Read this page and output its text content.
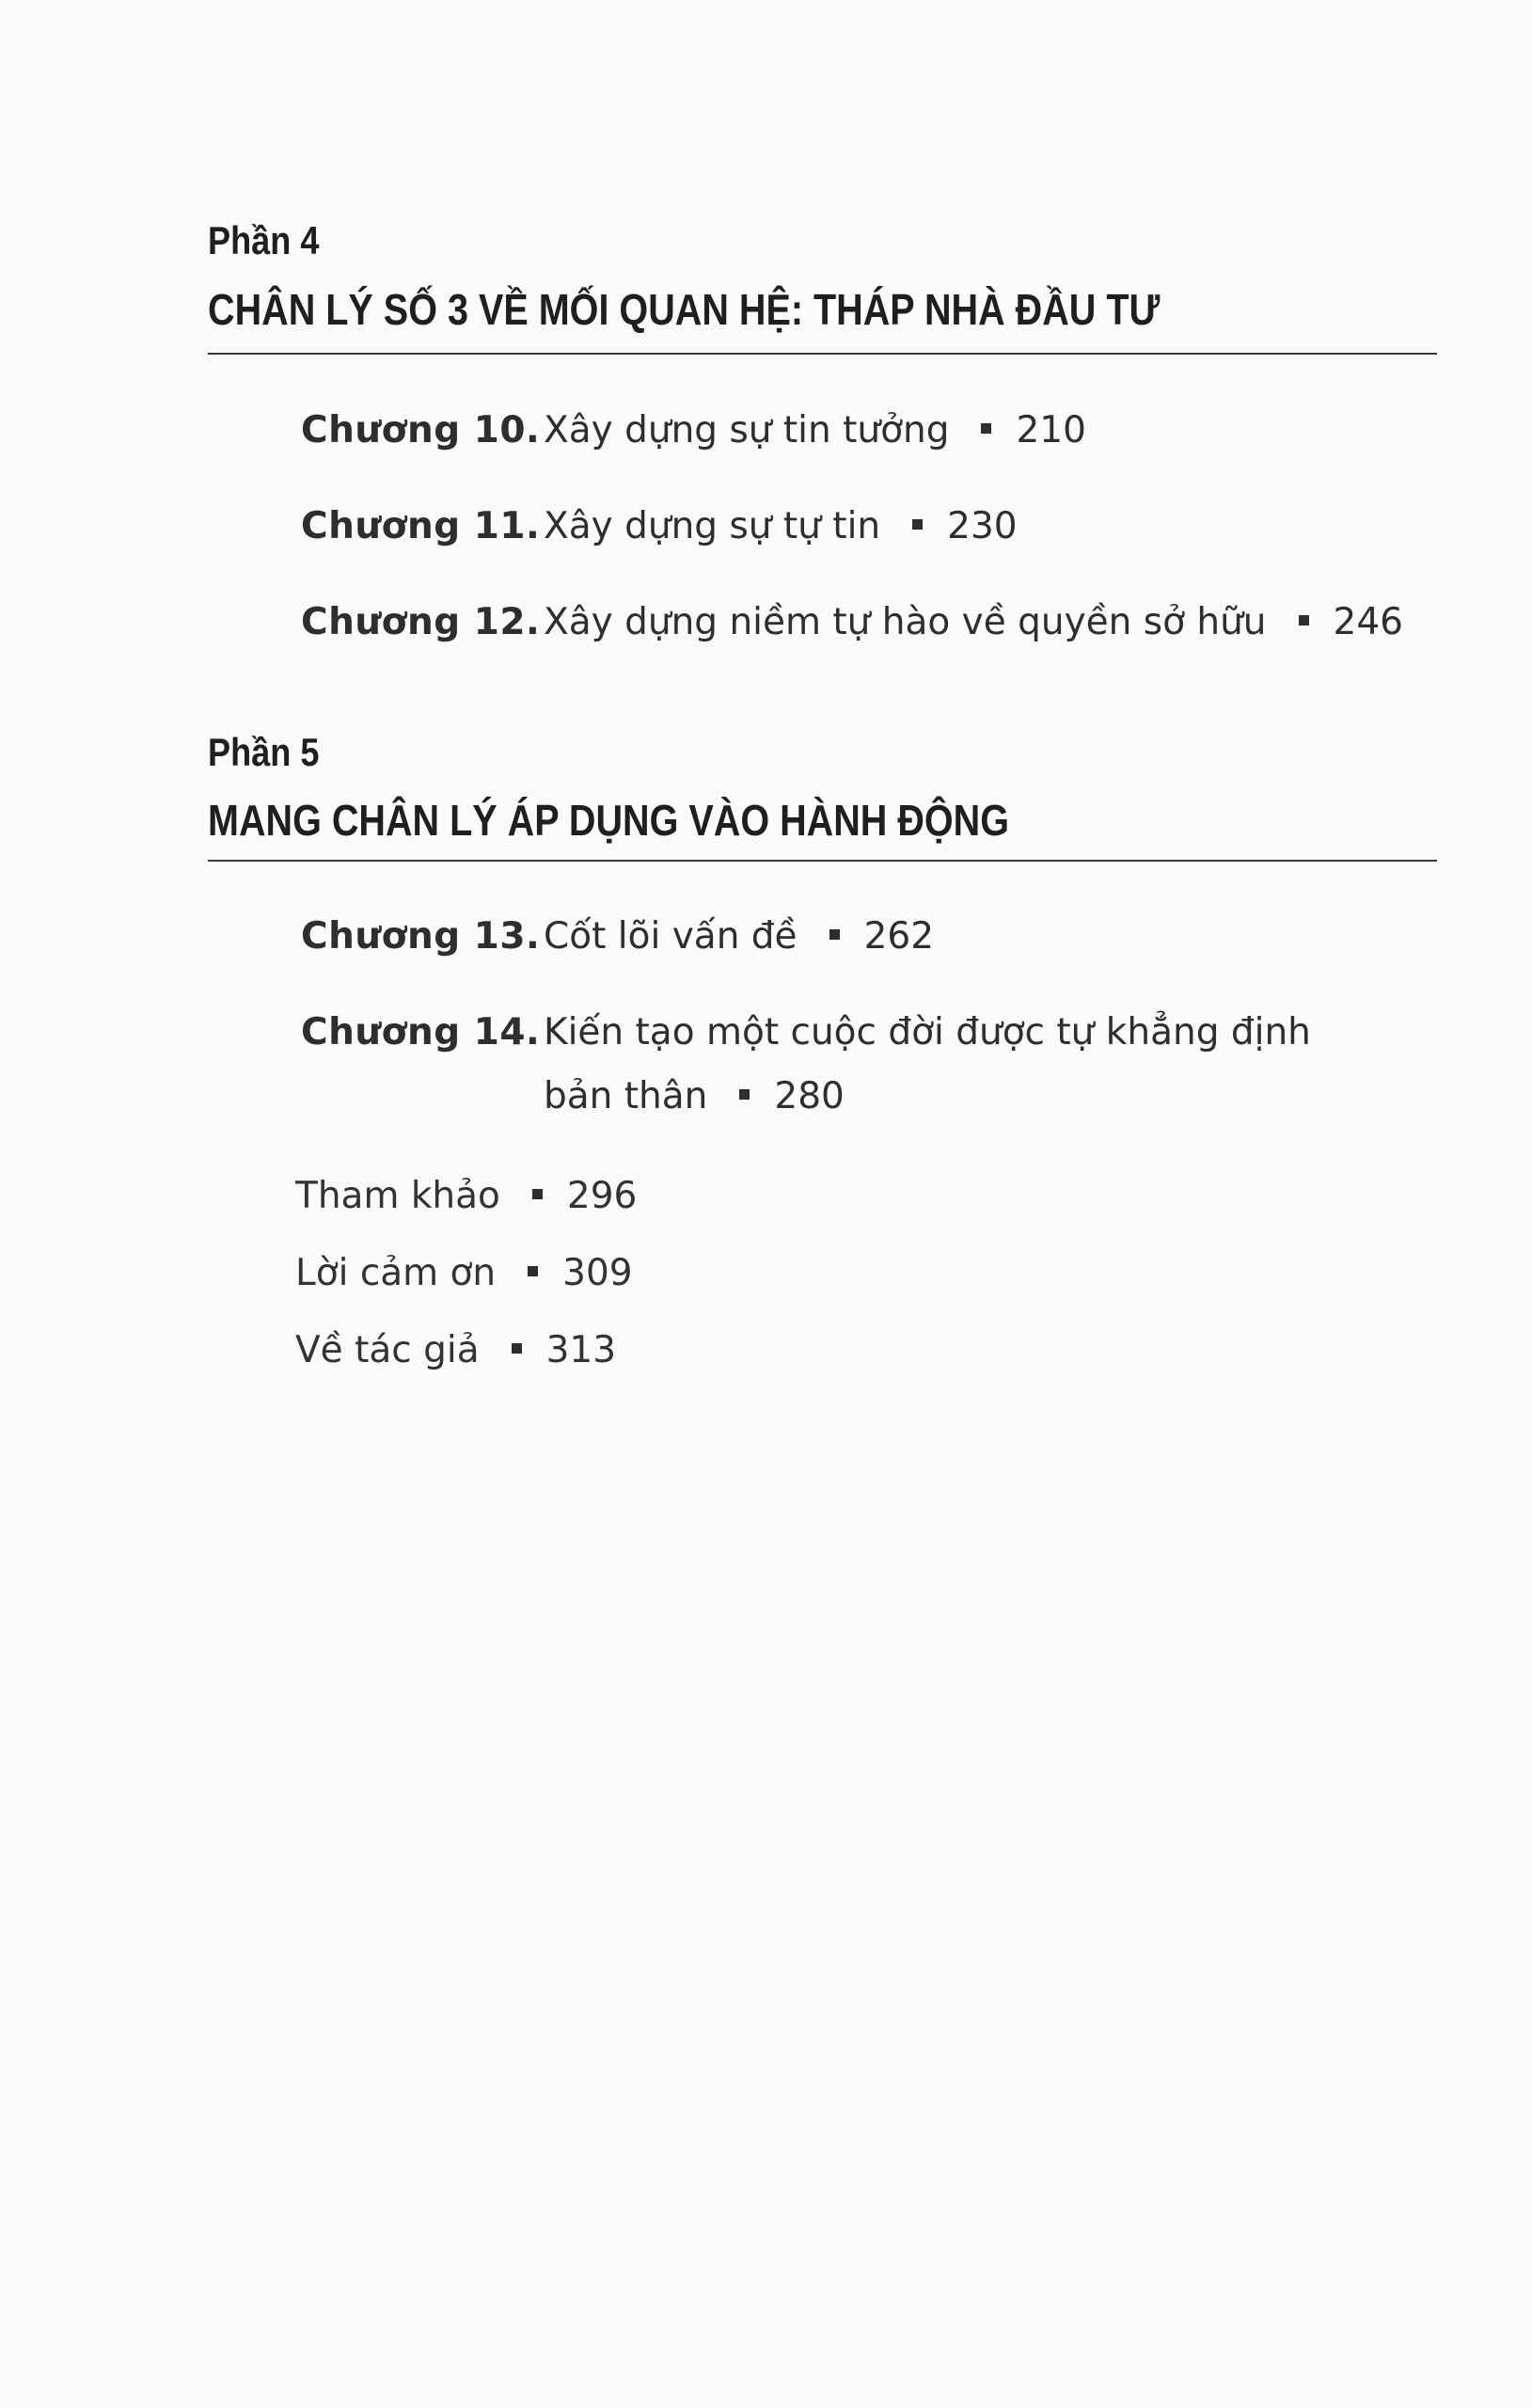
Phần 4
CHÂN LÝ SỐ 3 VỀ MỐI QUAN HỆ: THÁP NHÀ ĐẦU TƯ
Chương 10. Xây dựng sự tin tưởng 210
Chương 11. Xây dựng sự tự tin 230
Chương 12. Xây dựng niềm tự hào về quyền sở hữu 246
Phần 5
MANG CHÂN LÝ ÁP DỤNG VÀO HÀNH ĐỘNG
Chương 13. Cốt lõi vấn đề 262
Chương 14. Kiến tạo một cuộc đời được tự khẳng định
bản thân 280
Tham khảo 296
Lời cảm ơn 309
Về tác giả 313
